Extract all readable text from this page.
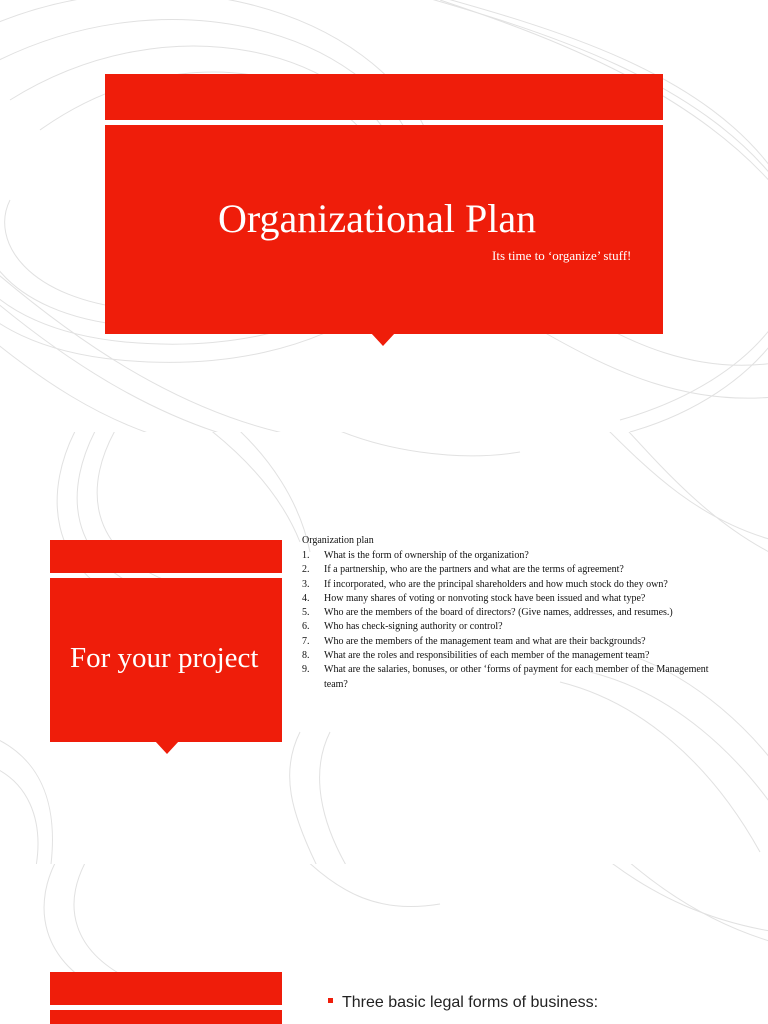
Organizational Plan
Its time to ‘organize’ stuff!
For your project
Organization plan
1.	What is the form of ownership of the organization?
2.	If a partnership, who are the partners and what are the terms of agreement?
3.	If incorporated, who are the principal shareholders and how much stock do they own?
4.	How many shares of voting or nonvoting stock have been issued and what type?
5.	Who are the members of the board of directors? (Give names, addresses, and resumes.)
6.	Who has check-signing authority or control?
7.	Who are the members of the management team and what are their backgrounds?
8.	What are the roles and responsibilities of each member of the management team?
9.	What are the salaries, bonuses, or other ‘forms of payment for each member of the Management team?
Three basic legal forms of business:
